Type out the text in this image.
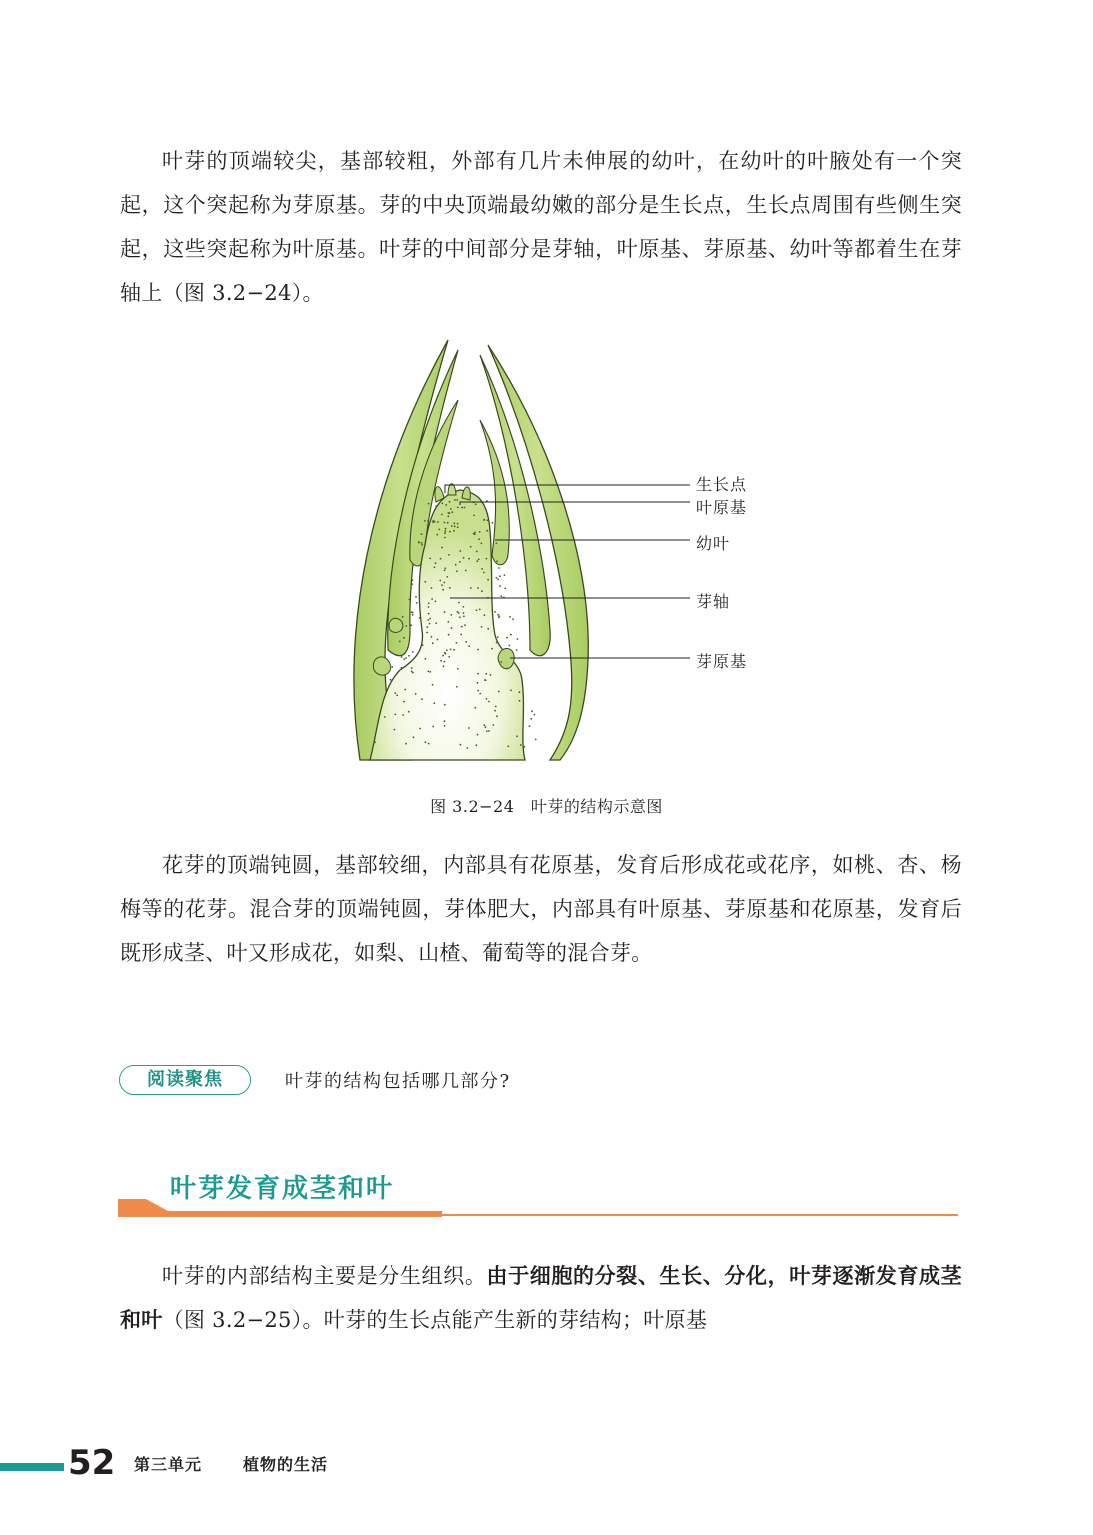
叶芽的顶端较尖，基部较粗，外部有几片未伸展的幼叶，在幼叶的叶腋处有一个突起，这个突起称为芽原基。芽的中央顶端最幼嫩的部分是生长点，生长点周围有些侧生突起，这些突起称为叶原基。叶芽的中间部分是芽轴，叶原基、芽原基、幼叶等都着生在芽轴上（图 3.2−24）。

生长点
叶原基
幼叶
芽轴
芽原基
图 3.2−24　叶芽的结构示意图

花芽的顶端钝圆，基部较细，内部具有花原基，发育后形成花或花序，如桃、杏、杨梅等的花芽。混合芽的顶端钝圆，芽体肥大，内部具有叶原基、芽原基和花原基，发育后既形成茎、叶又形成花，如梨、山楂、葡萄等的混合芽。

阅读聚焦	叶芽的结构包括哪几部分?
叶芽发育成茎和叶

叶芽的内部结构主要是分生组织。由于细胞的分裂、生长、分化，叶芽逐渐发育成茎和叶（图 3.2−25）。叶芽的生长点能产生新的芽结构；叶原基

52 第三单元	植物的生活
